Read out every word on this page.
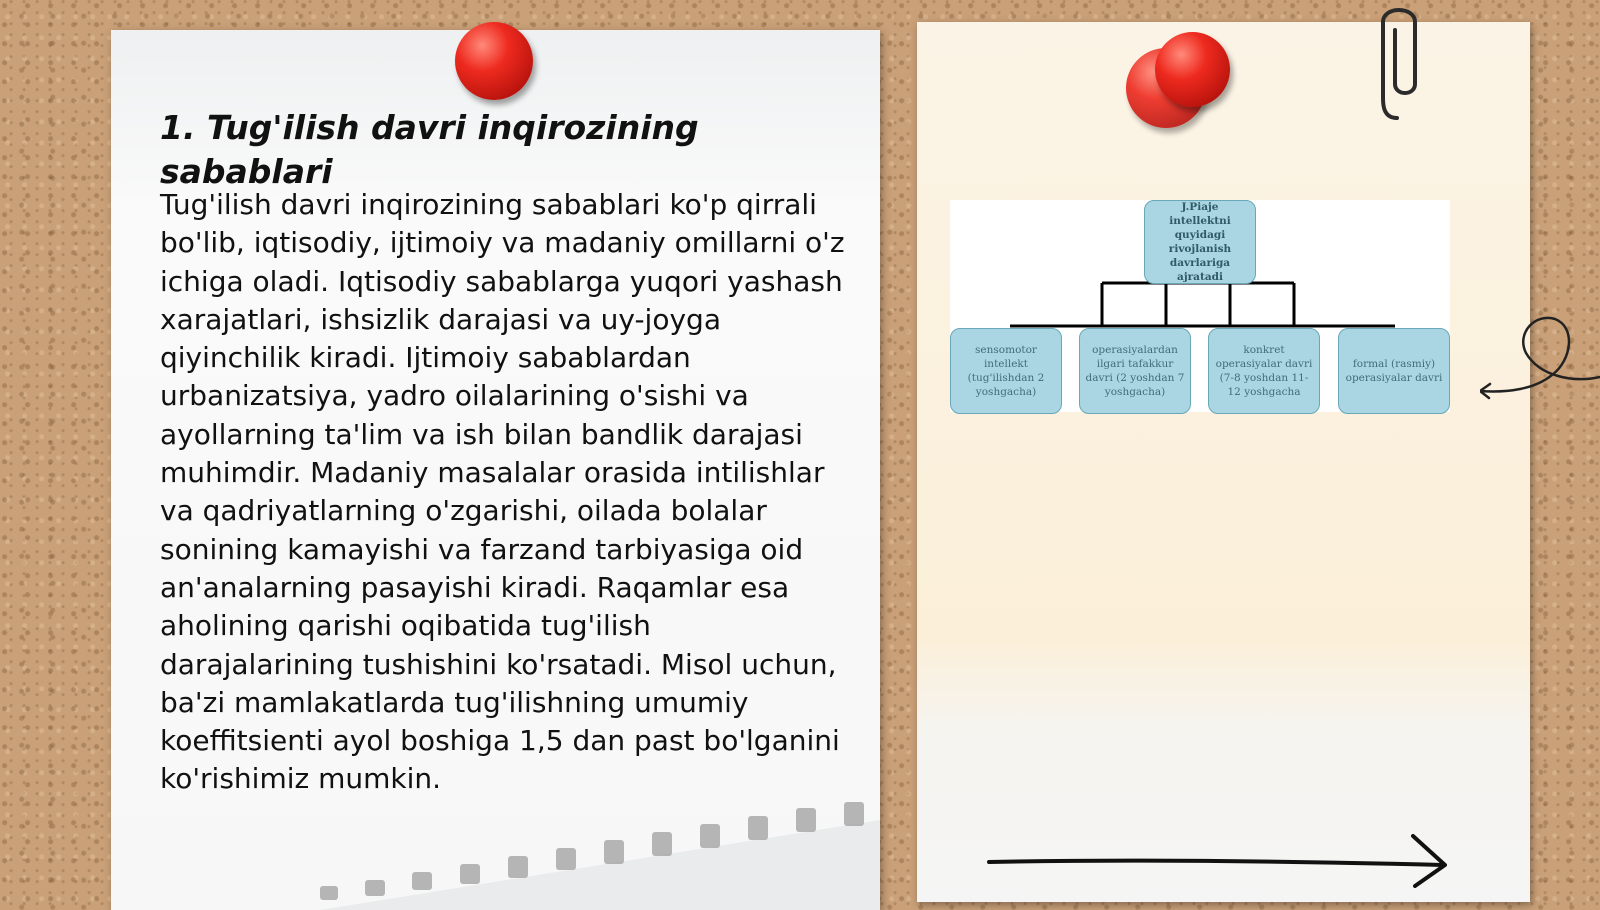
1. Tug'ilish davri inqirozining sabablari

Tug'ilish davri inqirozining sabablari ko'p qirrali bo'lib, iqtisodiy, ijtimoiy va madaniy omillarni o'z ichiga oladi. Iqtisodiy sabablarga yuqori yashash xarajatlari, ishsizlik darajasi va uy-joyga qiyinchilik kiradi. Ijtimoiy sabablardan urbanizatsiya, yadro oilalarining o'sishi va ayollarning ta'lim va ish bilan bandlik darajasi muhimdir. Madaniy masalalar orasida intilishlar va qadriyatlarning o'zgarishi, oilada bolalar sonining kamayishi va farzand tarbiyasiga oid an'analarning pasayishi kiradi. Raqamlar esa aholining qarishi oqibatida tug'ilish darajalarining tushishini ko'rsatadi. Misol uchun, ba'zi mamlakatlarda tug'ilishning umumiy koeffitsienti ayol boshiga 1,5 dan past bo'lganini ko'rishimiz mumkin.

J.Piaje intellektni quyidagi rivojlanish davrlariga ajratadi
sensomotor intellekt (tug'ilishdan 2 yoshgacha)
operasiyalardan ilgari tafakkur davri (2 yoshdan 7 yoshgacha)
konkret operasiyalar davri (7-8 yoshdan 11-12 yoshgacha
formal (rasmiy) operasiyalar davri
